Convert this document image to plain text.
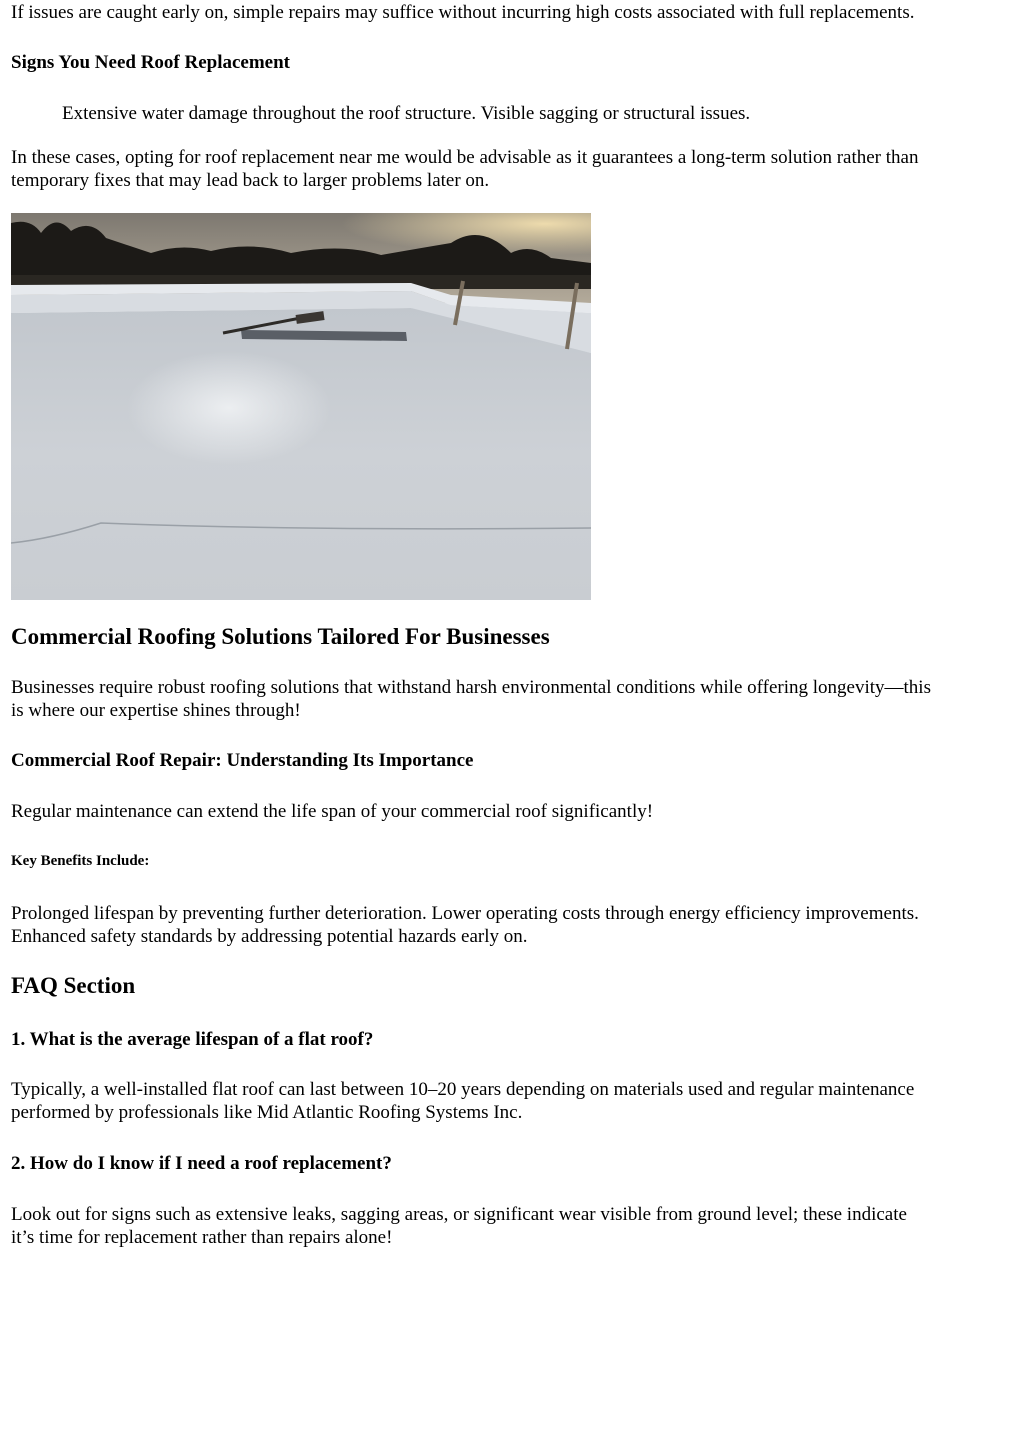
If issues are caught early on, simple repairs may suffice without incurring high costs associated with full replacements.

Signs You Need Roof Replacement

Extensive water damage throughout the roof structure. Visible sagging or structural issues.

In these cases, opting for roof replacement near me would be advisable as it guarantees a long-term solution rather than

temporary fixes that may lead back to larger problems later on.

Commercial Roofing Solutions Tailored For Businesses

Businesses require robust roofing solutions that withstand harsh environmental conditions while offering longevity—this

is where our expertise shines through!

Commercial Roof Repair: Understanding Its Importance

Regular maintenance can extend the life span of your commercial roof significantly!

Key Benefits Include:

Prolonged lifespan by preventing further deterioration. Lower operating costs through energy efficiency improvements.

Enhanced safety standards by addressing potential hazards early on.

FAQ Section
1. What is the average lifespan of a flat roof?

Typically, a well-installed flat roof can last between 10–20 years depending on materials used and regular maintenance

performed by professionals like Mid Atlantic Roofing Systems Inc.

2. How do I know if I need a roof replacement?

Look out for signs such as extensive leaks, sagging areas, or significant wear visible from ground level; these indicate

it’s time for replacement rather than repairs alone!
